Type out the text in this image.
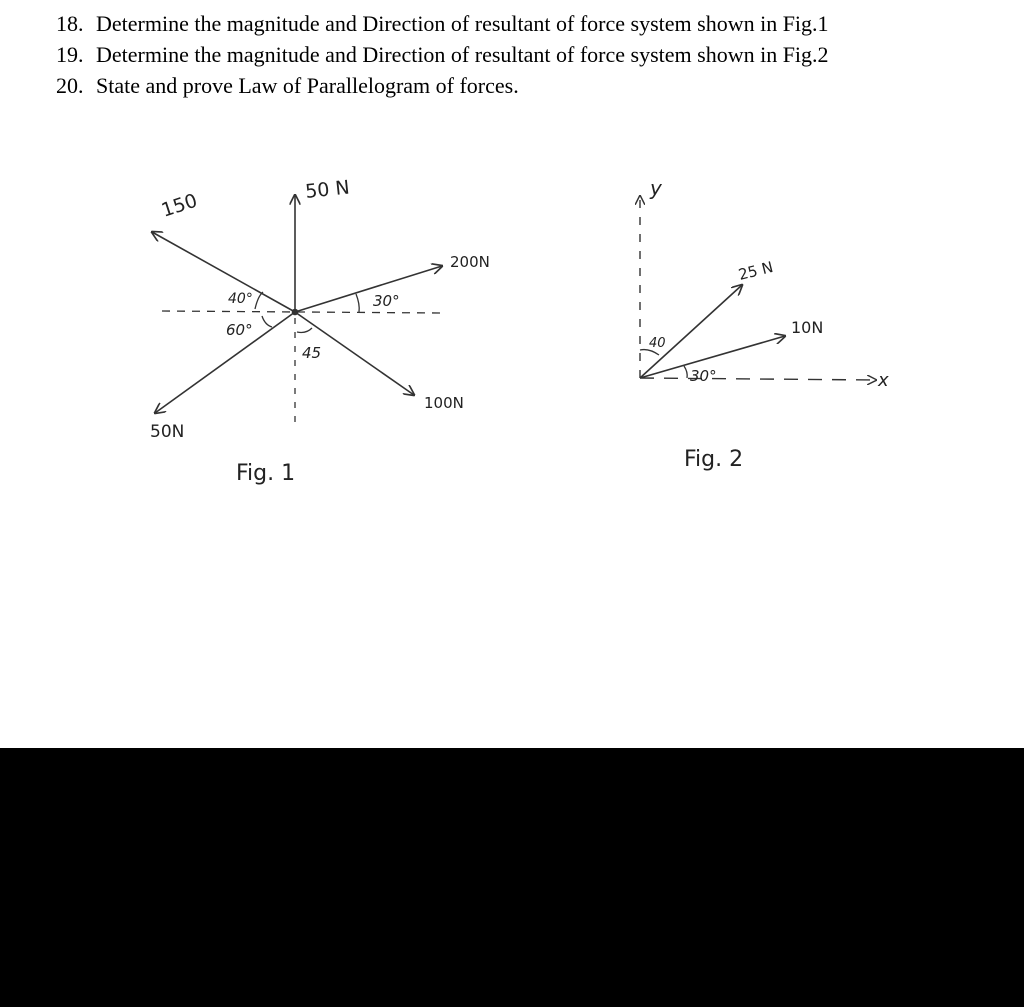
18. Determine the magnitude and Direction of resultant of force system shown in Fig.1
19. Determine the magnitude and Direction of resultant of force system shown in Fig.2
20. State and prove Law of Parallelogram of forces.
150	50 N
200N
100N
50N
40°
60°
30°
45
Fig. 1
y
x
25 N
10N
40
30°
Fig. 2
